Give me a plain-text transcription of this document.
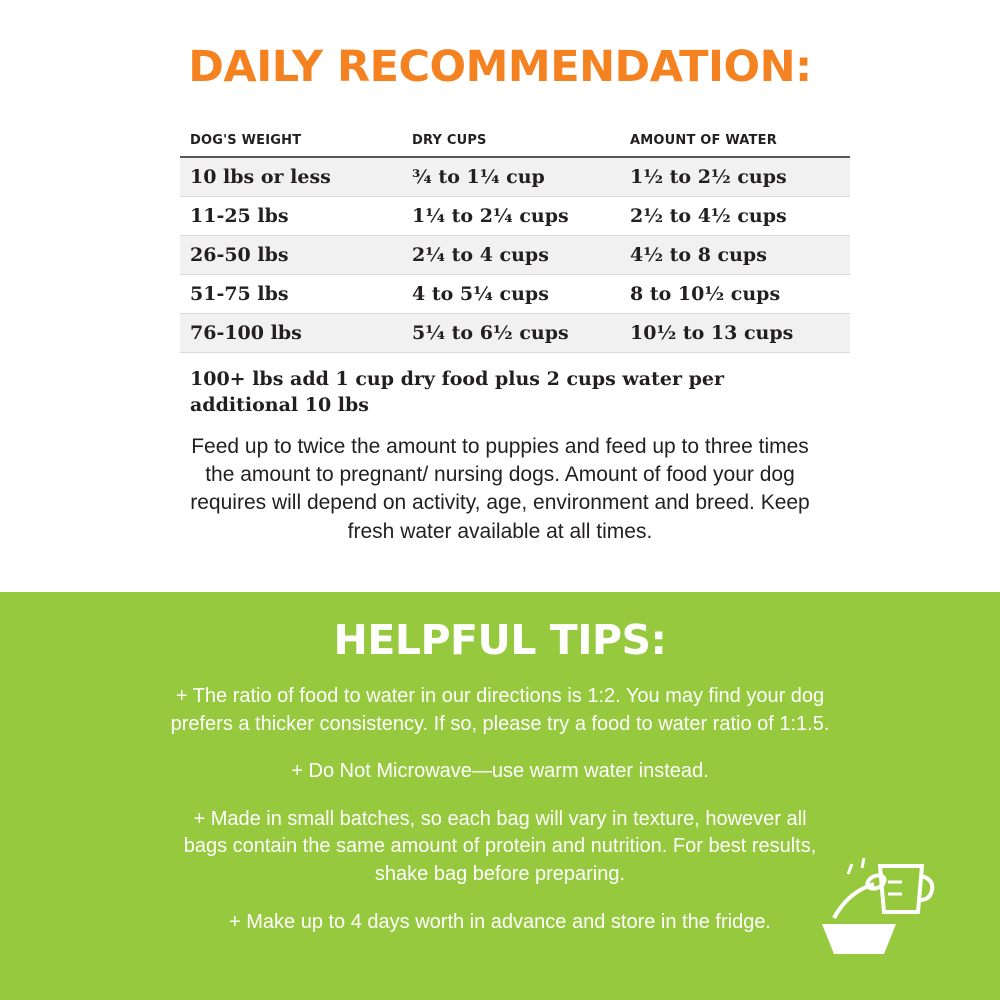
DAILY RECOMMENDATION:
DOG'S WEIGHT	DRY CUPS	AMOUNT OF WATER
10 lbs or less	¾ to 1¼ cup	1½ to 2½ cups
11-25 lbs	1¼ to 2¼ cups	2½ to 4½ cups
26-50 lbs	2¼ to 4 cups	4½ to 8 cups
51-75 lbs	4 to 5¼ cups	8 to 10½ cups
76-100 lbs	5¼ to 6½ cups	10½ to 13 cups

100+ lbs add 1 cup dry food plus 2 cups water per additional 10 lbs

Feed up to twice the amount to puppies and feed up to three times the amount to pregnant/ nursing dogs. Amount of food your dog requires will depend on activity, age, environment and breed. Keep fresh water available at all times.

HELPFUL TIPS:

+ The ratio of food to water in our directions is 1:2. You may find your dog prefers a thicker consistency. If so, please try a food to water ratio of 1:1.5.

+ Do Not Microwave—use warm water instead.

+ Made in small batches, so each bag will vary in texture, however all bags contain the same amount of protein and nutrition. For best results, shake bag before preparing.

+ Make up to 4 days worth in advance and store in the fridge.
